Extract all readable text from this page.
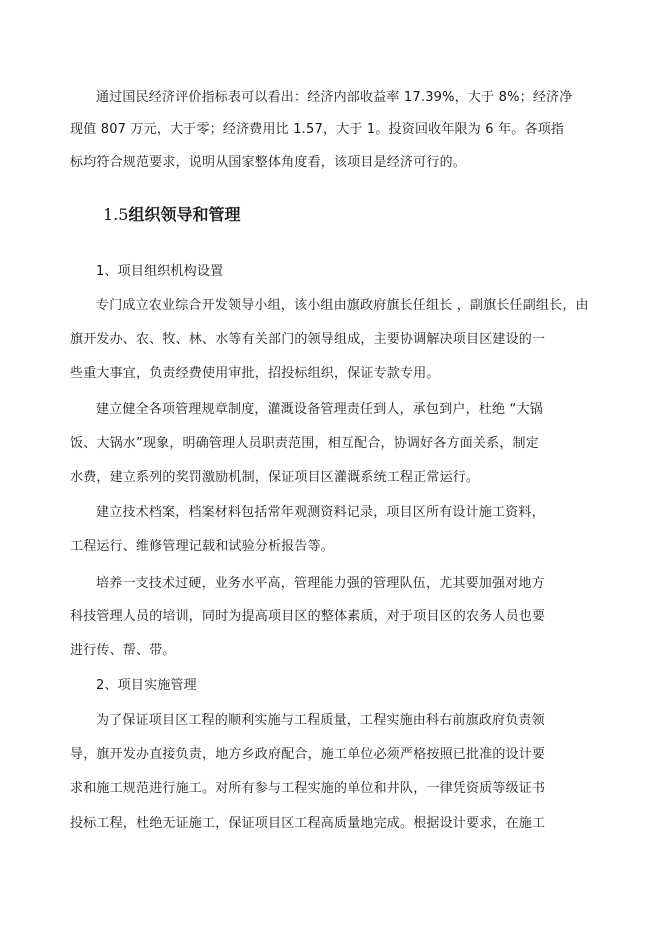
通过国民经济评价指标表可以看出：经济内部收益率 17.39%，大于 8%；经济净
现值 807 万元，大于零；经济费用比 1.57，大于 1。投资回收年限为 6 年。各项指
标均符合规范要求，说明从国家整体角度看，该项目是经济可行的。
1.5组织领导和管理
1、项目组织机构设置
专门成立农业综合开发领导小组，该小组由旗政府旗长任组长 ，副旗长任副组长，由
旗开发办、农、牧、林、水等有关部门的领导组成，主要协调解决项目区建设的一
些重大事宜，负责经费使用审批，招投标组织，保证专款专用。
建立健全各项管理规章制度，灌溉设备管理责任到人，承包到户，杜绝 “大锅
饭、大锅水”现象，明确管理人员职责范围，相互配合，协调好各方面关系，制定
水费，建立系列的奖罚激励机制，保证项目区灌溉系统工程正常运行。
建立技术档案，档案材料包括常年观测资料记录，项目区所有设计施工资料，
工程运行、维修管理记载和试验分析报告等。
培养一支技术过硬，业务水平高，管理能力强的管理队伍，尤其要加强对地方
科技管理人员的培训，同时为提高项目区的整体素质，对于项目区的农务人员也要
进行传、帮、带。
2、项目实施管理
为了保证项目区工程的顺利实施与工程质量，工程实施由科右前旗政府负责领
导，旗开发办直接负责，地方乡政府配合，施工单位必须严格按照已批准的设计要
求和施工规范进行施工。对所有参与工程实施的单位和井队，一律凭资质等级证书
投标工程，杜绝无证施工，保证项目区工程高质量地完成。根据设计要求，在施工
